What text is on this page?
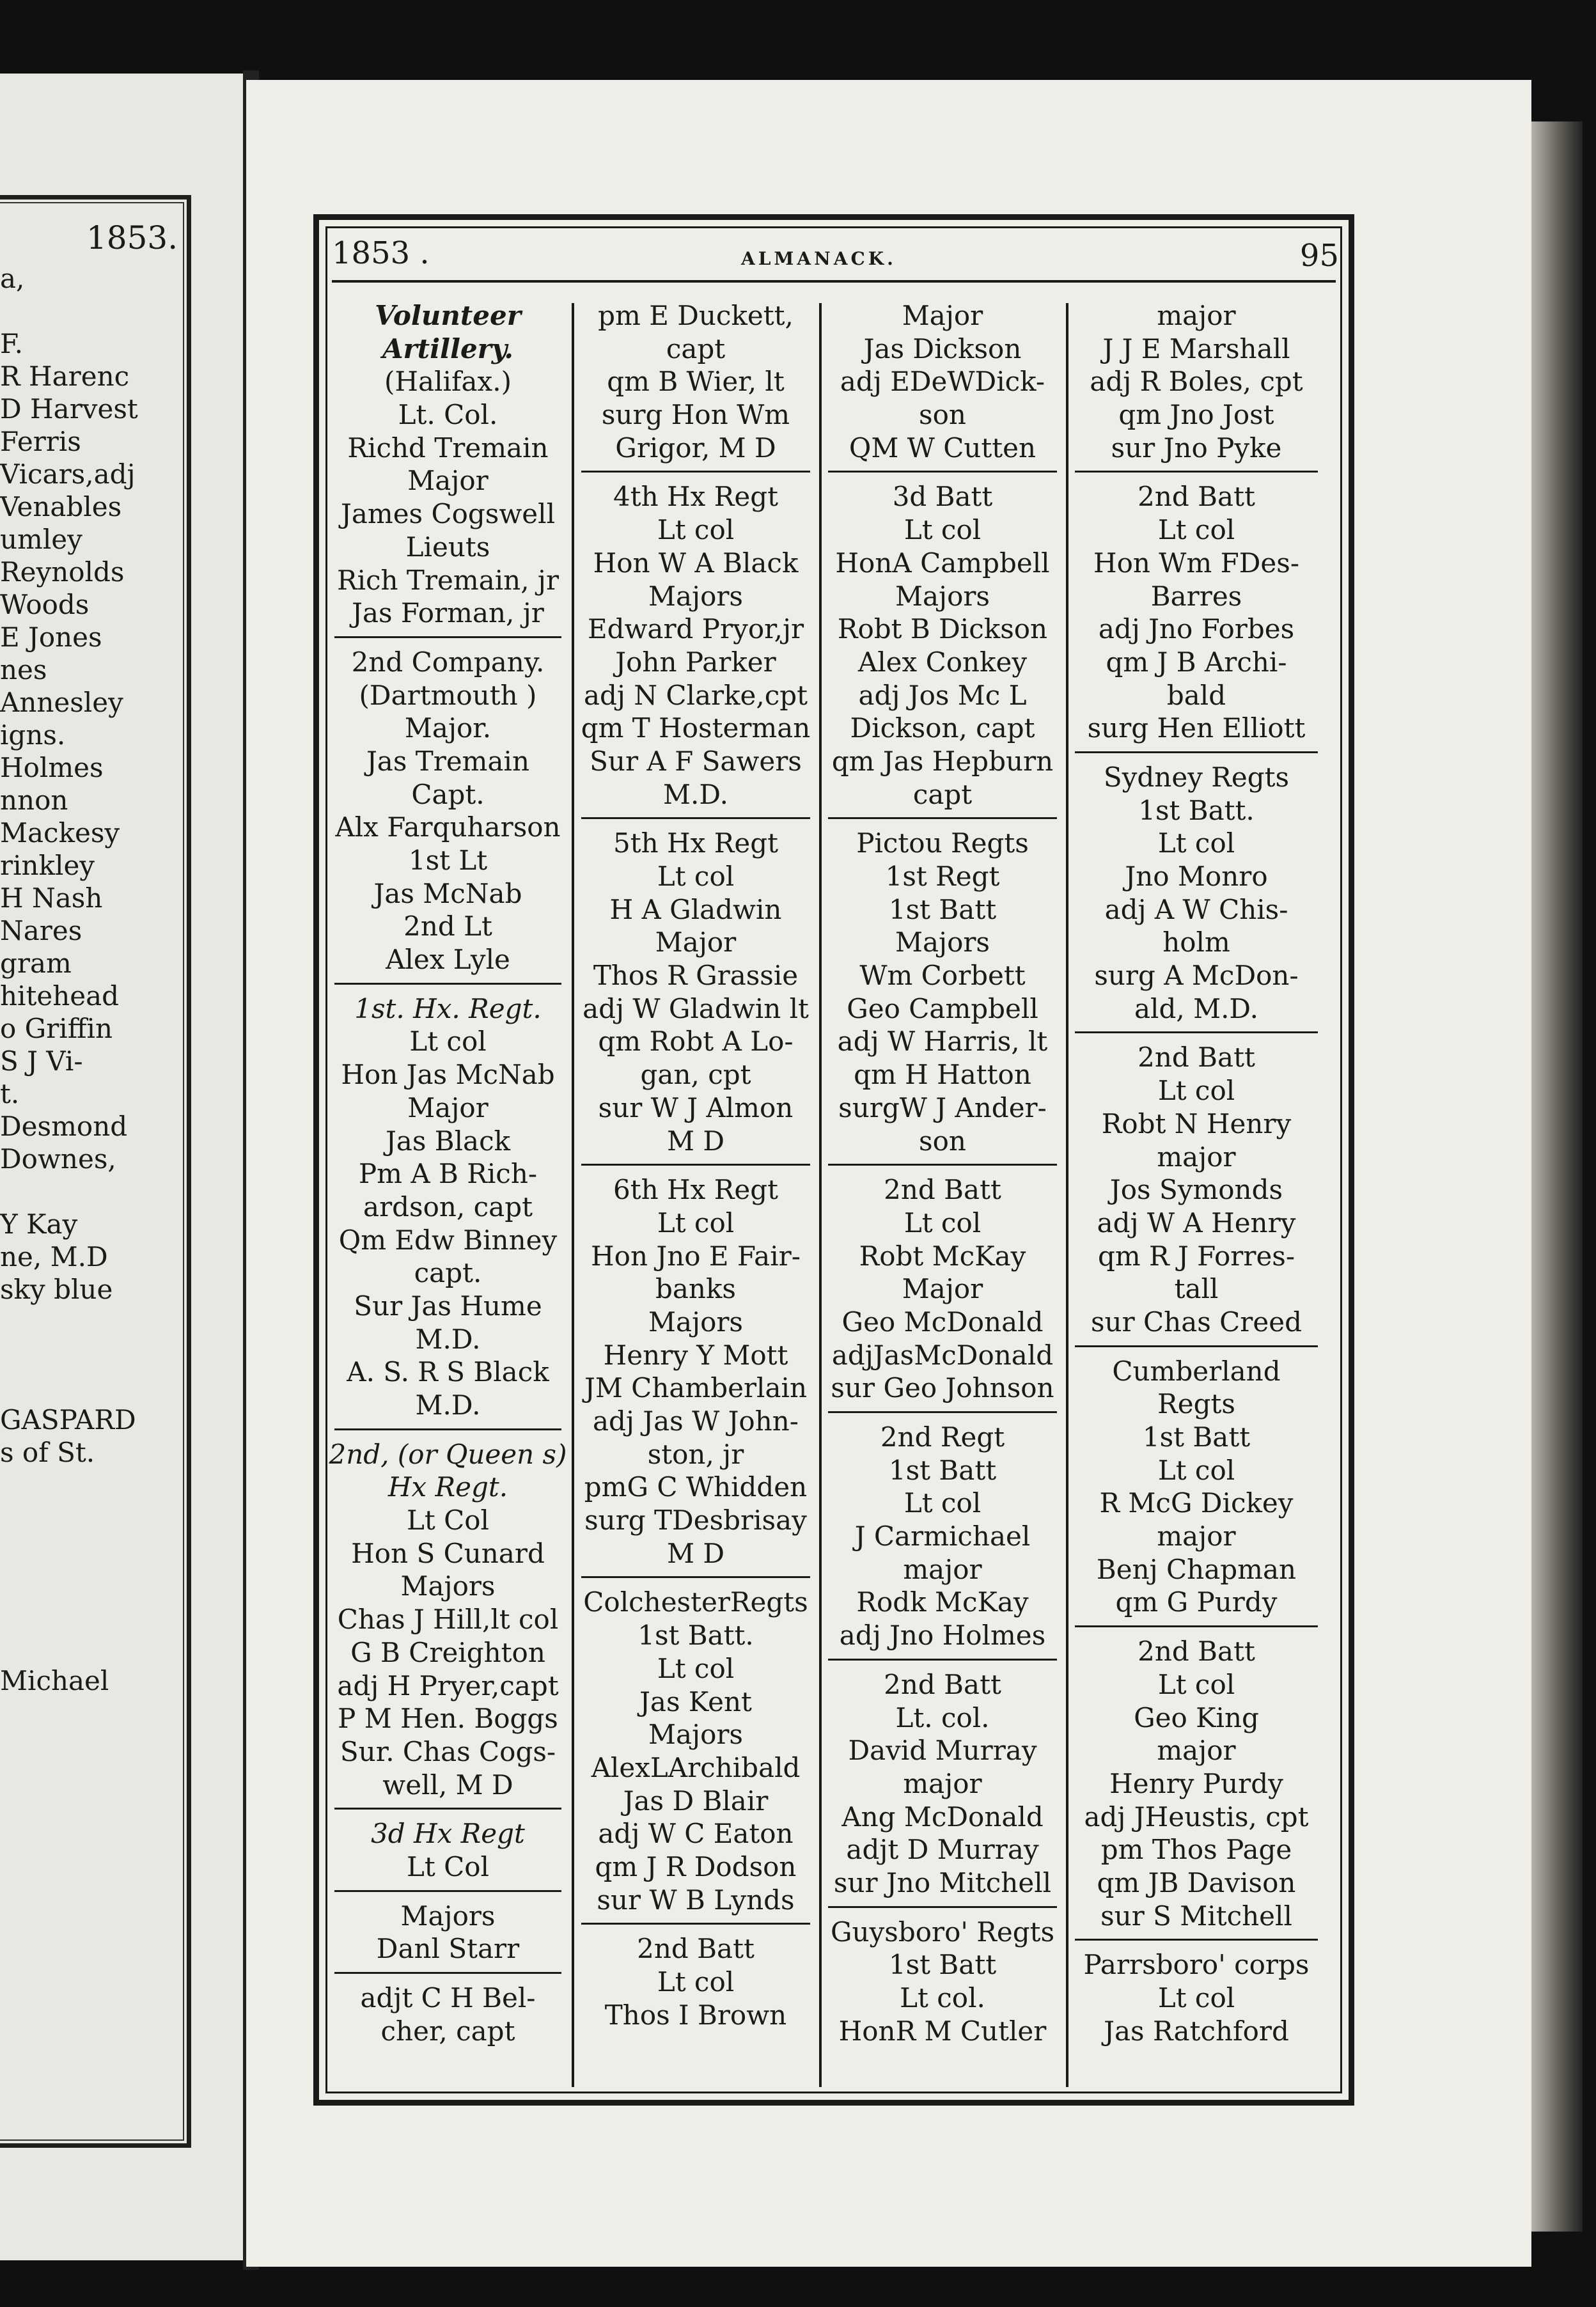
1853.
a,
F.
R Harenc
D Harvest
Ferris
Vicars,adj
Venables
umley
Reynolds
Woods
E Jones
nes
Annesley
igns.
Holmes
nnon
Mackesy
rinkley
H Nash
Nares
gram
hitehead
o Griffin
S J Vi-
t.
Desmond
Downes,
Y Kay
ne, M.D
sky blue
GASPARD
s of St.
Michael
1853 .	ALMANACK.	95
Volunteer
Artillery.
(Halifax.)
Lt. Col.
Richd Tremain
Major
James Cogswell
Lieuts
Rich Tremain, jr
Jas Forman, jr
2nd Company.
(Dartmouth )
Major.
Jas Tremain
Capt.
Alx Farquharson
1st Lt
Jas McNab
2nd Lt
Alex Lyle
1st. Hx. Regt.
Lt col
Hon Jas McNab
Major
Jas Black
Pm A B Rich-
ardson, capt
Qm Edw Binney
capt.
Sur Jas Hume
M.D.
A. S. R S Black
M.D.
2nd, (or Queen s)
Hx Regt.
Lt Col
Hon S Cunard
Majors
Chas J Hill,lt col
G B Creighton
adj H Pryer,capt
P M Hen. Boggs
Sur. Chas Cogs-
well, M D
3d Hx Regt
Lt Col
Majors
Danl Starr
adjt C H Bel-
cher, capt
pm E Duckett,
capt
qm B Wier, lt
surg Hon Wm
Grigor, M D
4th Hx Regt
Lt col
Hon W A Black
Majors
Edward Pryor,jr
John Parker
adj N Clarke,cpt
qm T Hosterman
Sur A F Sawers
M.D.
5th Hx Regt
Lt col
H A Gladwin
Major
Thos R Grassie
adj W Gladwin lt
qm Robt A Lo-
gan, cpt
sur W J Almon
M D
6th Hx Regt
Lt col
Hon Jno E Fair-
banks
Majors
Henry Y Mott
JM Chamberlain
adj Jas W John-
ston, jr
pmG C Whidden
surg TDesbrisay
M D
ColchesterRegts
1st Batt.
Lt col
Jas Kent
Majors
AlexLArchibald
Jas D Blair
adj W C Eaton
qm J R Dodson
sur W B Lynds
2nd Batt
Lt col
Thos I Brown
Major
Jas Dickson
adj EDeWDick-
son
QM W Cutten
3d Batt
Lt col
HonA Campbell
Majors
Robt B Dickson
Alex Conkey
adj Jos Mc L
Dickson, capt
qm Jas Hepburn
capt
Pictou Regts
1st Regt
1st Batt
Majors
Wm Corbett
Geo Campbell
adj W Harris, lt
qm H Hatton
surgW J Ander-
son
2nd Batt
Lt col
Robt McKay
Major
Geo McDonald
adjJasMcDonald
sur Geo Johnson
2nd Regt
1st Batt
Lt col
J Carmichael
major
Rodk McKay
adj Jno Holmes
2nd Batt
Lt. col.
David Murray
major
Ang McDonald
adjt D Murray
sur Jno Mitchell
Guysboro' Regts
1st Batt
Lt col.
HonR M Cutler
major
J J E Marshall
adj R Boles, cpt
qm Jno Jost
sur Jno Pyke
2nd Batt
Lt col
Hon Wm FDes-
Barres
adj Jno Forbes
qm J B Archi-
bald
surg Hen Elliott
Sydney Regts
1st Batt.
Lt col
Jno Monro
adj A W Chis-
holm
surg A McDon-
ald, M.D.
2nd Batt
Lt col
Robt N Henry
major
Jos Symonds
adj W A Henry
qm R J Forres-
tall
sur Chas Creed
Cumberland
Regts
1st Batt
Lt col
R McG Dickey
major
Benj Chapman
qm G Purdy
2nd Batt
Lt col
Geo King
major
Henry Purdy
adj JHeustis, cpt
pm Thos Page
qm JB Davison
sur S Mitchell
Parrsboro' corps
Lt col
Jas Ratchford
